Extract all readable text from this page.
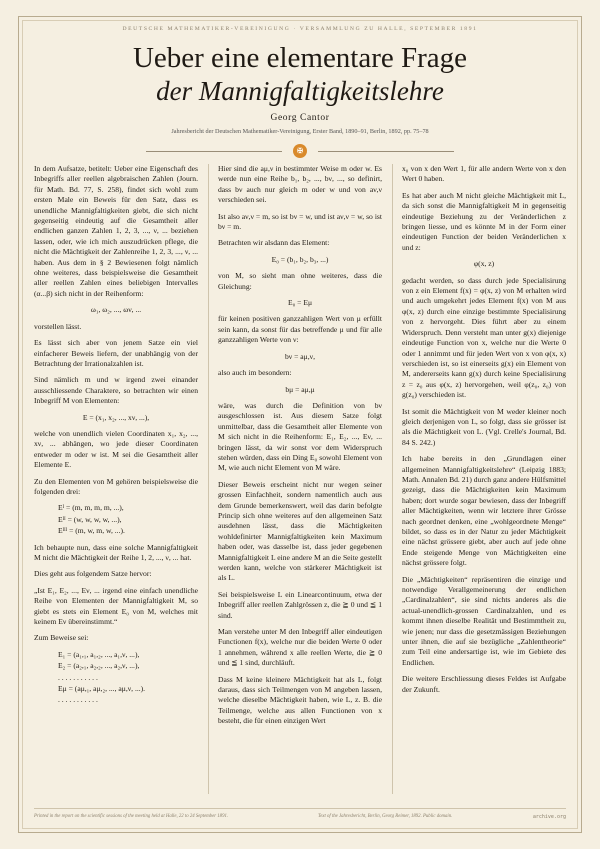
DEUTSCHE MATHEMATIKER-VEREINIGUNG · VERSAMMLUNG ZU HALLE, SEPTEMBER 1891
Ueber eine elementare Frage
der Mannigfaltigkeitslehre
Georg Cantor
Jahresbericht der Deutschen Mathematiker-Vereinigung, Erster Band, 1890–91, Berlin, 1892, pp. 75–78
✠

In dem Aufsatze, betitelt: Ueber eine Eigenschaft des Inbegriffs aller reellen algebraischen Zahlen (Journ. für Math. Bd. 77, S. 258), findet sich wohl zum ersten Male ein Beweis für den Satz, dass es unendliche Mannigfaltigkeiten giebt, die sich nicht gegenseitig eindeutig auf die Gesamtheit aller endlichen ganzen Zahlen 1, 2, 3, ..., ν, ... beziehen lassen, oder, wie ich mich auszudrücken pflege, die nicht die Mächtigkeit der Zahlenreihe 1, 2, 3, ..., ν, ... haben. Aus dem in § 2 Bewiesenen folgt nämlich ohne weiteres, dass beispielsweise die Gesamtheit aller reellen Zahlen eines beliebigen Intervalles (α...β) sich nicht in der Reihenform:

ω₁, ω₂, ..., ων, ...

vorstellen lässt.

Es lässt sich aber von jenem Satze ein viel einfacherer Beweis liefern, der unabhängig von der Betrachtung der Irrationalzahlen ist.

Sind nämlich m und w irgend zwei einander ausschliessende Charaktere, so betrachten wir einen Inbegriff M von Elementen:

E = (x₁, x₂, ..., xν, ...),

welche von unendlich vielen Coordinaten x₁, x₂, ..., xν, ... abhängen, wo jede dieser Coordinaten entweder m oder w ist. M sei die Gesamtheit aller Elemente E.

Zu den Elementen von M gehören beispielsweise die folgenden drei:

Eᴵ = (m, m, m, m, ...),
Eᴵᴵ = (w, w, w, w, ...),
Eᴵᴵᴵ = (m, w, m, w, ...).

Ich behaupte nun, dass eine solche Mannigfaltigkeit M nicht die Mächtigkeit der Reihe 1, 2, ..., ν, ... hat.

Dies geht aus folgendem Satze hervor:

„Ist E₁, E₂, ..., Eν, ... irgend eine einfach unendliche Reihe von Elementen der Mannigfaltigkeit M, so giebt es stets ein Element E₀ von M, welches mit keinem Eν übereinstimmt.“

Zum Beweise sei:

E₁ = (a₁,₁, a₁,₂, ..., a₁,ν, ...),
E₂ = (a₂,₁, a₂,₂, ..., a₂,ν, ...),
. . . . . . . . . . .
Eμ = (aμ,₁, aμ,₂, ..., aμ,ν, ...).
. . . . . . . . . . .

Hier sind die aμ,ν in bestimmter Weise m oder w. Es werde nun eine Reihe b₁, b₂, ..., bν, ..., so definirt, dass bν auch nur gleich m oder w und von aν,ν verschieden sei.

Ist also aν,ν = m, so ist bν = w, und ist aν,ν = w, so ist bν = m.

Betrachten wir alsdann das Element:

E₀ = (b₁, b₂, b₃, ...)

von M, so sieht man ohne weiteres, dass die Gleichung:

E₀ = Eμ

für keinen positiven ganzzahligen Wert von μ erfüllt sein kann, da sonst für das betreffende μ und für alle ganzzahligen Werte von ν:

bν = aμ,ν,

also auch im besondern:

bμ = aμ,μ

wäre, was durch die Definition von bν ausgeschlossen ist. Aus diesem Satze folgt unmittelbar, dass die Gesamtheit aller Elemente von M sich nicht in die Reihenform: E₁, E₂, ..., Eν, ... bringen lässt, da wir sonst vor dem Widerspruch stehen würden, dass ein Ding E₀ sowohl Element von M, wie auch nicht Element von M wäre.

Dieser Beweis erscheint nicht nur wegen seiner grossen Einfachheit, sondern namentlich auch aus dem Grunde bemerkenswert, weil das darin befolgte Princip sich ohne weiteres auf den allgemeinen Satz ausdehnen lässt, dass die Mächtigkeiten wohldefinirter Mannigfaltigkeiten kein Maximum haben oder, was dasselbe ist, dass jeder gegebenen Mannigfaltigkeit L eine andere M an die Seite gestellt werden kann, welche von stärkerer Mächtigkeit ist als L.

Sei beispielsweise L ein Linearcontinuum, etwa der Inbegriff aller reellen Zahlgrössen z, die ≧ 0 und ≦ 1 sind.

Man verstehe unter M den Inbegriff aller eindeutigen Functionen f(x), welche nur die beiden Werte 0 oder 1 annehmen, während x alle reellen Werte, die ≧ 0 und ≦ 1 sind, durchläuft.

Dass M keine kleinere Mächtigkeit hat als L, folgt daraus, dass sich Teilmengen von M angeben lassen, welche dieselbe Mächtigkeit haben, wie L, z. B. die Teilmenge, welche aus allen Functionen von x besteht, die für einen einzigen Wert

x₀ von x den Wert 1, für alle andern Werte von x den Wert 0 haben.

Es hat aber auch M nicht gleiche Mächtigkeit mit L, da sich sonst die Mannigfaltigkeit M in gegenseitig eindeutige Beziehung zu der Veränderlichen z bringen liesse, und es könnte M in der Form einer eindeutigen Function der beiden Veränderlichen x und z:

φ(x, z)

gedacht werden, so dass durch jede Specialisirung von z ein Element f(x) = φ(x, z) von M erhalten wird und auch umgekehrt jedes Element f(x) von M aus φ(x, z) durch eine einzige bestimmte Specialisirung von z hervorgeht. Dies führt aber zu einem Widerspruch. Denn versteht man unter g(x) diejenige eindeutige Function von x, welche nur die Werte 0 oder 1 annimmt und für jeden Wert von x von φ(x, x) verschieden ist, so ist einerseits g(x) ein Element von M, andererseits kann g(x) durch keine Specialisirung z = z₀ aus φ(x, z) hervorgehen, weil φ(z₀, z₀) von g(z₀) verschieden ist.

Ist somit die Mächtigkeit von M weder kleiner noch gleich derjenigen von L, so folgt, dass sie grösser ist als die Mächtigkeit von L. (Vgl. Crelle's Journal, Bd. 84 S. 242.)

Ich habe bereits in den „Grundlagen einer allgemeinen Mannigfaltigkeitslehre“ (Leipzig 1883; Math. Annalen Bd. 21) durch ganz andere Hülfsmittel gezeigt, dass die Mächtigkeiten kein Maximum haben; dort wurde sogar bewiesen, dass der Inbegriff aller Mächtigkeiten, wenn wir letztere ihrer Grösse nach geordnet denken, eine „wohlgeordnete Menge“ bildet, so dass es in der Natur zu jeder Mächtigkeit eine nächst grössere giebt, aber auch auf jede ohne Ende steigende Menge von Mächtigkeiten eine nächst grössere folgt.

Die „Mächtigkeiten“ repräsentiren die einzige und notwendige Verallgemeinerung der endlichen „Cardinalzahlen“, sie sind nichts anderes als die actual-unendlich-grossen Cardinalzahlen, und es kommt ihnen dieselbe Realität und Bestimmtheit zu, wie jenen; nur dass die gesetzmässigen Beziehungen unter ihnen, die auf sie bezügliche „Zahlentheorie“ zum Teil eine andersartige ist, wie im Gebiete des Endlichen.

Die weitere Erschliessung dieses Feldes ist Aufgabe der Zukunft.

Printed in the report on the scientific sessions of the meeting held at Halle, 22 to 24 September 1891.	Text of the Jahresbericht, Berlin, Georg Reimer, 1892. Public domain.	archive.org
